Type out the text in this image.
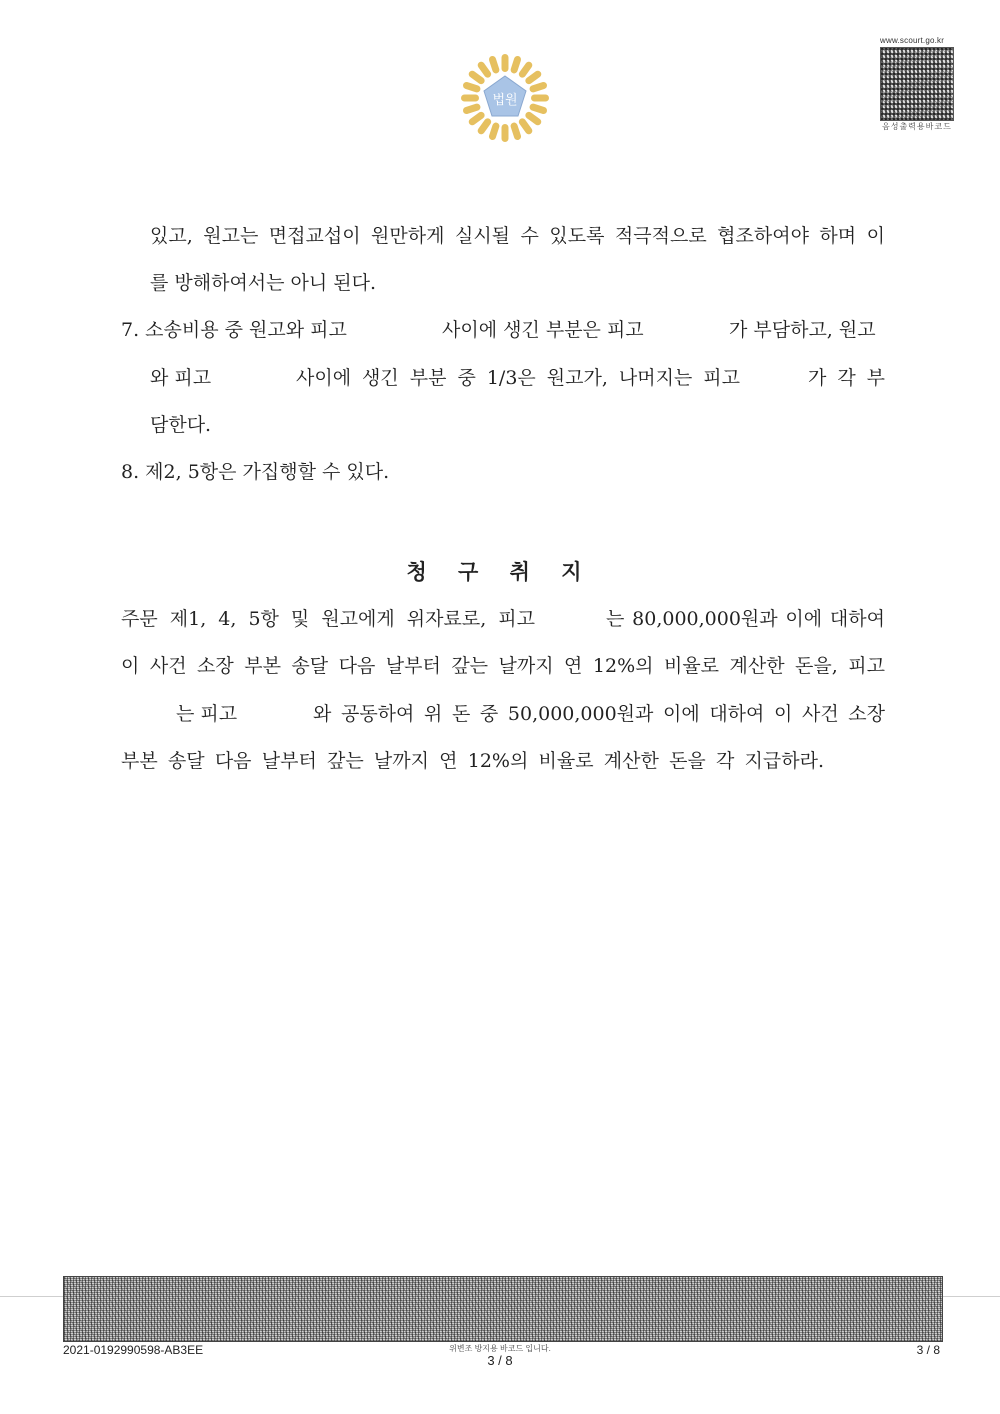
법원
www.scourt.go.kr
음성출력용바코드
있고, 원고는 면접교섭이 원만하게 실시될 수 있도록 적극적으로 협조하여야 하며 이
를 방해하여서는 아니 된다.
7. 소송비용 중 원고와 피고	사이에 생긴 부분은 피고	가 부담하고, 원고
와 피고	사이에 생긴 부분 중 1/3은 원고가, 나머지는 피고	가 각 부
담한다.
8. 제2, 5항은 가집행할 수 있다.
청 구 취 지
주문 제1, 4, 5항 및 원고에게 위자료로, 피고	는 80,000,000원과 이에 대하여
이 사건 소장 부본 송달 다음 날부터 갚는 날까지 연 12%의 비율로 계산한 돈을, 피고
는 피고	와 공동하여 위 돈 중 50,000,000원과 이에 대하여 이 사건 소장
부본 송달 다음 날부터 갚는 날까지 연 12%의 비율로 계산한 돈을 각 지급하라.
2021-0192990598-AB3EE	위변조 방지용 바코드 입니다.
3 / 8
3 / 8
